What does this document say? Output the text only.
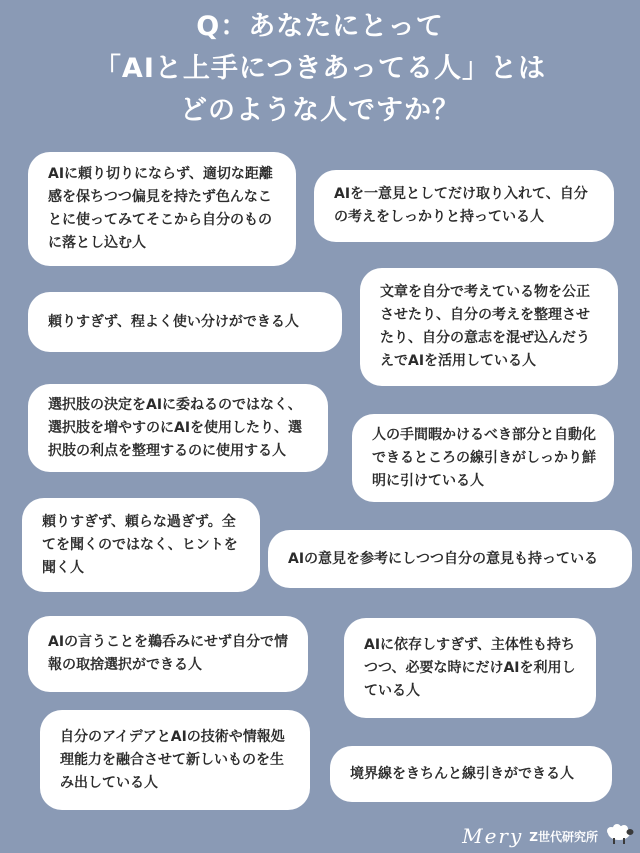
Q：あなたにとって
「AIと上手につきあってる人」とは
どのような人ですか？
AIに頼り切りにならず、適切な距離感を保ちつつ偏見を持たず色んなことに使ってみてそこから自分のものに落とし込む人
AIを一意見としてだけ取り入れて、自分の考えをしっかりと持っている人
頼りすぎず、程よく使い分けができる人
文章を自分で考えている物を公正させたり、自分の考えを整理させたり、自分の意志を混ぜ込んだうえでAIを活用している人
選択肢の決定をAIに委ねるのではなく、選択肢を増やすのにAIを使用したり、選択肢の利点を整理するのに使用する人
人の手間暇かけるべき部分と自動化できるところの線引きがしっかり鮮明に引けている人
頼りすぎず、頼らな過ぎず。全てを聞くのではなく、ヒントを聞く人
AIの意見を参考にしつつ自分の意見も持っている
AIの言うことを鵜呑みにせず自分で情報の取捨選択ができる人
AIに依存しすぎず、主体性も持ちつつ、必要な時にだけAIを利用している人
自分のアイデアとAIの技術や情報処理能力を融合させて新しいものを生み出している人
境界線をきちんと線引きができる人
Mery Z世代研究所
